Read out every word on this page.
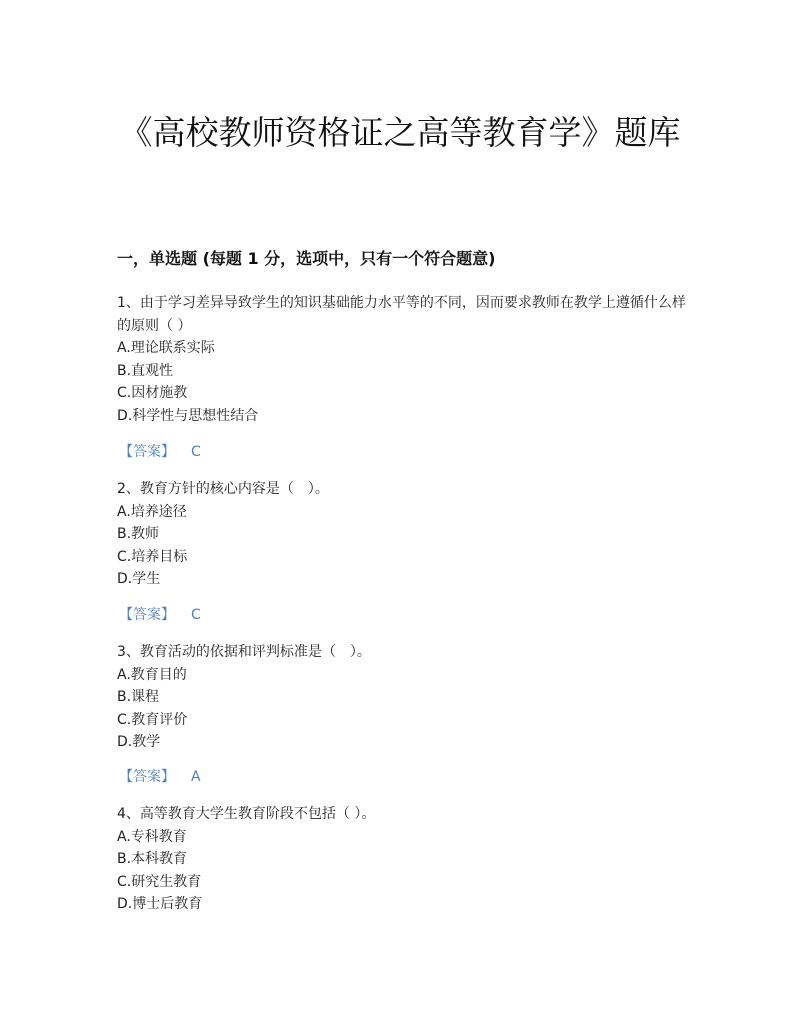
《高校教师资格证之高等教育学》题库
一，单选题 (每题 1 分，选项中，只有一个符合题意)
1、由于学习差异导致学生的知识基础能力水平等的不同，因而要求教师在教学上遵循什么样的原则（ ）
A.理论联系实际
B.直观性
C.因材施教
D.科学性与思想性结合
【答案】 C
2、教育方针的核心内容是（　）。
A.培养途径
B.教师
C.培养目标
D.学生
【答案】 C
3、教育活动的依据和评判标准是（　）。
A.教育目的
B.课程
C.教育评价
D.教学
【答案】 A
4、高等教育大学生教育阶段不包括（ ）。
A.专科教育
B.本科教育
C.研究生教育
D.博士后教育
